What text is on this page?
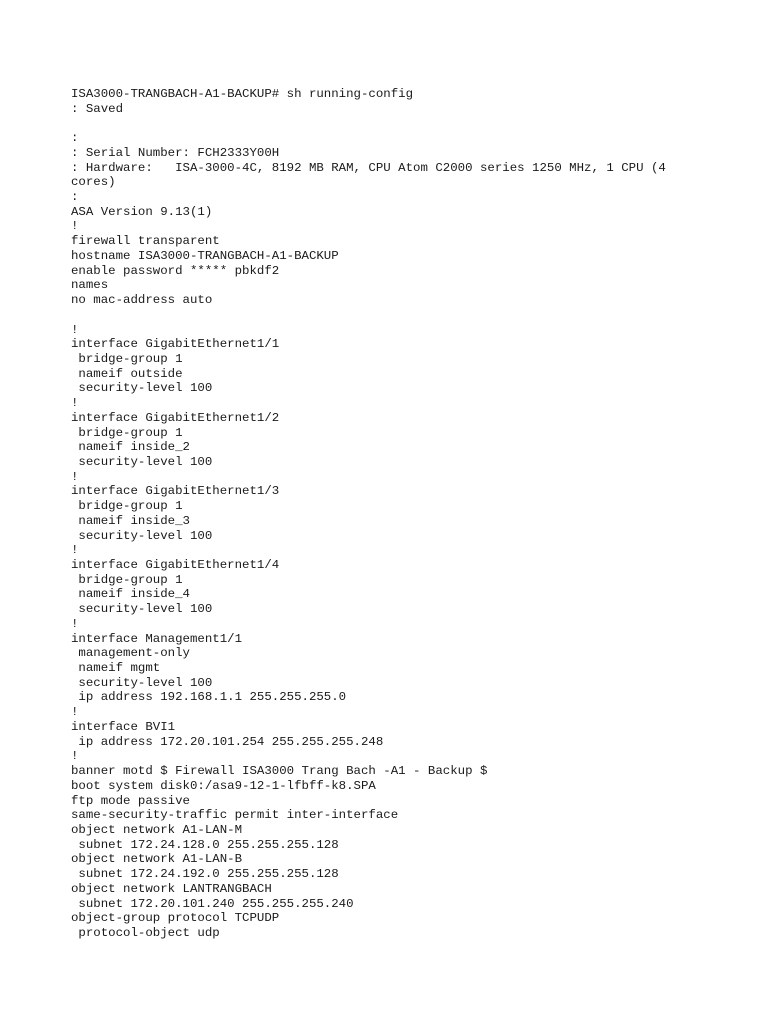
ISA3000-TRANGBACH-A1-BACKUP# sh running-config
: Saved
:
: Serial Number: FCH2333Y00H
: Hardware:   ISA-3000-4C, 8192 MB RAM, CPU Atom C2000 series 1250 MHz, 1 CPU (4
cores)
:
ASA Version 9.13(1)
!
firewall transparent
hostname ISA3000-TRANGBACH-A1-BACKUP
enable password ***** pbkdf2
names
no mac-address auto
!
interface GigabitEthernet1/1
bridge-group 1
nameif outside
security-level 100
!
interface GigabitEthernet1/2
bridge-group 1
nameif inside_2
security-level 100
!
interface GigabitEthernet1/3
bridge-group 1
nameif inside_3
security-level 100
!
interface GigabitEthernet1/4
bridge-group 1
nameif inside_4
security-level 100
!
interface Management1/1
management-only
nameif mgmt
security-level 100
ip address 192.168.1.1 255.255.255.0
!
interface BVI1
ip address 172.20.101.254 255.255.255.248
!
banner motd $ Firewall ISA3000 Trang Bach -A1 - Backup $
boot system disk0:/asa9-12-1-lfbff-k8.SPA
ftp mode passive
same-security-traffic permit inter-interface
object network A1-LAN-M
subnet 172.24.128.0 255.255.255.128
object network A1-LAN-B
subnet 172.24.192.0 255.255.255.128
object network LANTRANGBACH
subnet 172.20.101.240 255.255.255.240
object-group protocol TCPUDP
protocol-object udp
